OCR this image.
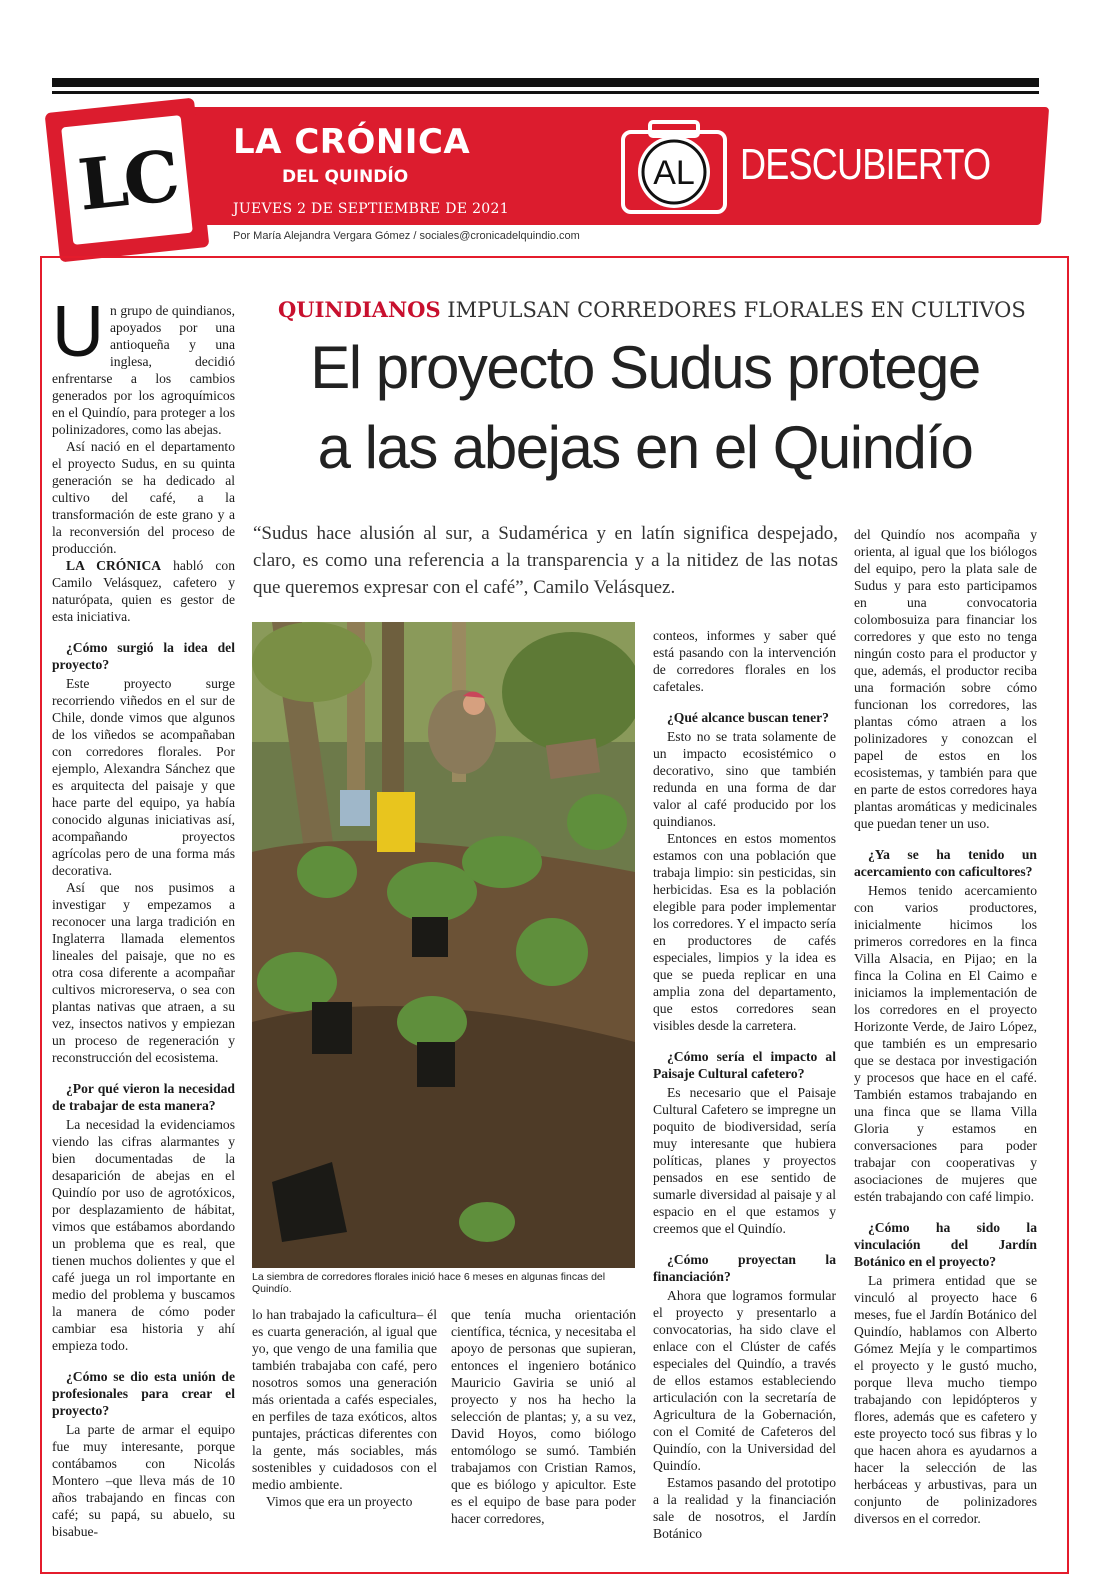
LC	LA CRÓNICA
DEL QUINDÍO
JUEVES 2 DE SEPTIEMBRE DE 2021
Por María Alejandra Vergara Gómez / sociales@cronicadelquindio.com
AL DESCUBIERTO
QUINDIANOS IMPULSAN CORREDORES FLORALES EN CULTIVOS
El proyecto Sudus protege
a las abejas en el Quindío
“Sudus hace alusión al sur, a Sudamérica y en latín significa despejado, claro, es como una referencia a la transparencia y a la nitidez de las notas que queremos expresar con el café”, Camilo Velásquez.

Un grupo de quindianos, apoyados por una antioqueña y una inglesa, decidió enfrentarse a los cambios generados por los agroquímicos en el Quindío, para proteger a los polinizadores, como las abejas.

Así nació en el departamento el proyecto Sudus, en su quinta generación se ha dedicado al cultivo del café, a la transformación de este grano y a la reconversión del proceso de producción.

LA CRÓNICA habló con Camilo Velásquez, cafetero y naturópata, quien es gestor de esta iniciativa.

¿Cómo surgió la idea del proyecto?

Este proyecto surge recorriendo viñedos en el sur de Chile, donde vimos que algunos de los viñedos se acompañaban con corredores florales. Por ejemplo, Alexandra Sánchez que es arquitecta del paisaje y que hace parte del equipo, ya había conocido algunas iniciativas así, acompañando proyectos agrícolas pero de una forma más decorativa.

Así que nos pusimos a investigar y empezamos a reconocer una larga tradición en Inglaterra llamada elementos lineales del paisaje, que no es otra cosa diferente a acompañar cultivos microreserva, o sea con plantas nativas que atraen, a su vez, insectos nativos y empiezan un proceso de regeneración y reconstrucción del ecosistema.

¿Por qué vieron la necesidad de trabajar de esta manera?

La necesidad la evidenciamos viendo las cifras alarmantes y bien documentadas de la desaparición de abejas en el Quindío por uso de agrotóxicos, por desplazamiento de hábitat, vimos que estábamos abordando un problema que es real, que tienen muchos dolientes y que el café juega un rol importante en medio del problema y buscamos la manera de cómo poder cambiar esa historia y ahí empieza todo.

¿Cómo se dio esta unión de profesionales para crear el proyecto?

La parte de armar el equipo fue muy interesante, porque contábamos con Nicolás Montero –que lleva más de 10 años trabajando en fincas con café; su papá, su abuelo, su bisabue-

La siembra de corredores florales inició hace 6 meses en algunas fincas del Quindío.

lo han trabajado la caficultura– él es cuarta generación, al igual que yo, que vengo de una familia que también trabajaba con café, pero nosotros somos una generación más orientada a cafés especiales, en perfiles de taza exóticos, altos puntajes, prácticas diferentes con la gente, más sociables, más sostenibles y cuidadosos con el medio ambiente.

Vimos que era un proyecto

que tenía mucha orientación científica, técnica, y necesitaba el apoyo de personas que supieran, entonces el ingeniero botánico Mauricio Gaviria se unió al proyecto y nos ha hecho la selección de plantas; y, a su vez, David Hoyos, como biólogo entomólogo se sumó. También trabajamos con Cristian Ramos, que es biólogo y apicultor. Este es el equipo de base para poder hacer corredores,

conteos, informes y saber qué está pasando con la intervención de corredores florales en los cafetales.

¿Qué alcance buscan tener?

Esto no se trata solamente de un impacto ecosistémico o decorativo, sino que también redunda en una forma de dar valor al café producido por los quindianos.

Entonces en estos momentos estamos con una población que trabaja limpio: sin pesticidas, sin herbicidas. Esa es la población elegible para poder implementar los corredores. Y el impacto sería en productores de cafés especiales, limpios y la idea es que se pueda replicar en una amplia zona del departamento, que estos corredores sean visibles desde la carretera.

¿Cómo sería el impacto al Paisaje Cultural cafetero?

Es necesario que el Paisaje Cultural Cafetero se impregne un poquito de biodiversidad, sería muy interesante que hubiera políticas, planes y proyectos pensados en ese sentido de sumarle diversidad al paisaje y al espacio en el que estamos y creemos que el Quindío.

¿Cómo proyectan la financiación?

Ahora que logramos formular el proyecto y presentarlo a convocatorias, ha sido clave el enlace con el Clúster de cafés especiales del Quindío, a través de ellos estamos estableciendo articulación con la secretaría de Agricultura de la Gobernación, con el Comité de Cafeteros del Quindío, con la Universidad del Quindío.

Estamos pasando del prototipo a la realidad y la financiación sale de nosotros, el Jardín Botánico

del Quindío nos acompaña y orienta, al igual que los biólogos del equipo, pero la plata sale de Sudus y para esto participamos en una convocatoria colombosuiza para financiar los corredores y que esto no tenga ningún costo para el productor y que, además, el productor reciba una formación sobre cómo funcionan los corredores, las plantas cómo atraen a los polinizadores y conozcan el papel de estos en los ecosistemas, y también para que en parte de estos corredores haya plantas aromáticas y medicinales que puedan tener un uso.

¿Ya se ha tenido un acercamiento con caficultores?

Hemos tenido acercamiento con varios productores, inicialmente hicimos los primeros corredores en la finca Villa Alsacia, en Pijao; en la finca la Colina en El Caimo e iniciamos la implementación de los corredores en el proyecto Horizonte Verde, de Jairo López, que también es un empresario que se destaca por investigación y procesos que hace en el café. También estamos trabajando en una finca que se llama Villa Gloria y estamos en conversaciones para poder trabajar con cooperativas y asociaciones de mujeres que estén trabajando con café limpio.

¿Cómo ha sido la vinculación del Jardín Botánico en el proyecto?

La primera entidad que se vinculó al proyecto hace 6 meses, fue el Jardín Botánico del Quindío, hablamos con Alberto Gómez Mejía y le compartimos el proyecto y le gustó mucho, porque lleva mucho tiempo trabajando con lepidópteros y flores, además que es cafetero y este proyecto tocó sus fibras y lo que hacen ahora es ayudarnos a hacer la selección de las herbáceas y arbustivas, para un conjunto de polinizadores diversos en el corredor.
